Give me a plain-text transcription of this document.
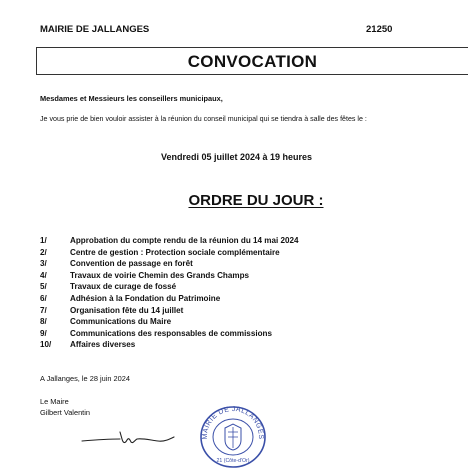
MAIRIE DE JALLANGES	21250
CONVOCATION
Mesdames et Messieurs les conseillers municipaux,
Je vous prie de bien vouloir assister à la réunion du conseil municipal qui se tiendra à salle des fêtes le :
Vendredi 05 juillet 2024 à 19 heures
ORDRE DU JOUR :
1/	Approbation du compte rendu de la réunion du 14 mai 2024
2/	Centre de gestion : Protection sociale complémentaire
3/	Convention de passage en forêt
4/	Travaux de voirie Chemin des Grands Champs
5/	Travaux de curage de fossé
6/	Adhésion à la Fondation du Patrimoine
7/	Organisation fête du 14 juillet
8/	Communications du Maire
9/	Communications des responsables de commissions
10/ Affaires diverses
A Jallanges, le 28 juin 2024
Le Maire
Gilbert Valentin
MAIRIE DE JALLANGES
21 (Côte-d'Or)
